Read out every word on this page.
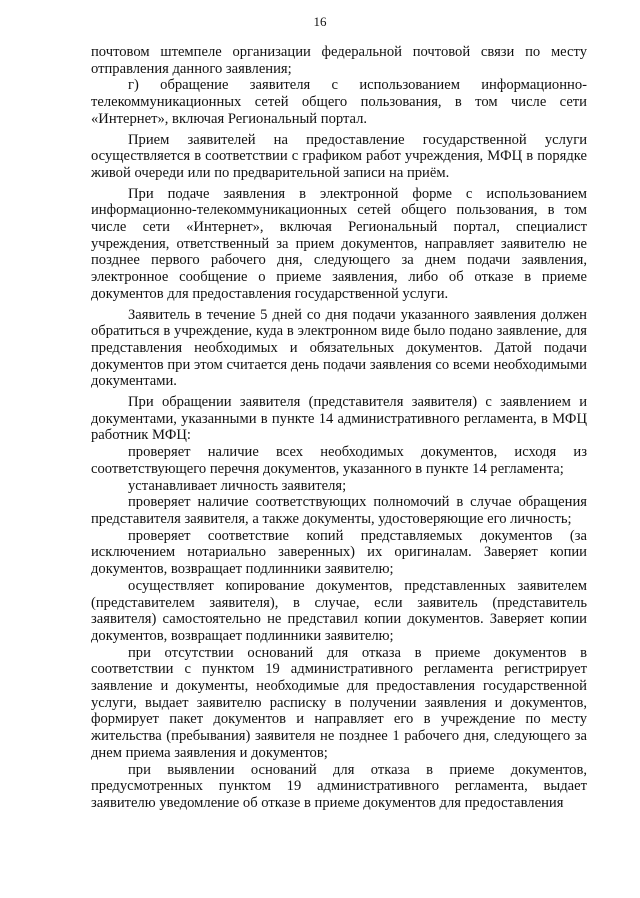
16

почтовом штемпеле организации федеральной почтовой связи по месту отправления данного заявления;

г) обращение заявителя с использованием информационно-телекоммуникационных сетей общего пользования, в том числе сети «Интернет», включая Региональный портал.

Прием заявителей на предоставление государственной услуги осуществляется в соответствии с графиком работ учреждения, МФЦ в порядке живой очереди или по предварительной записи на приём.

При подаче заявления в электронной форме с использованием информационно-телекоммуникационных сетей общего пользования, в том числе сети «Интернет», включая Региональный портал, специалист учреждения, ответственный за прием документов, направляет заявителю не позднее первого рабочего дня, следующего за днем подачи заявления, электронное сообщение о приеме заявления, либо об отказе в приеме документов для предоставления государственной услуги.

Заявитель в течение 5 дней со дня подачи указанного заявления должен обратиться в учреждение, куда в электронном виде было подано заявление, для представления необходимых и обязательных документов. Датой подачи документов при этом считается день подачи заявления со всеми необходимыми документами.

При обращении заявителя (представителя заявителя) с заявлением и документами, указанными в пункте 14 административного регламента, в МФЦ работник МФЦ:

проверяет наличие всех необходимых документов, исходя из соответствующего перечня документов, указанного в пункте 14 регламента;

устанавливает личность заявителя;

проверяет наличие соответствующих полномочий в случае обращения представителя заявителя, а также документы, удостоверяющие его личность;

проверяет соответствие копий представляемых документов (за исключением нотариально заверенных) их оригиналам. Заверяет копии документов, возвращает подлинники заявителю;

осуществляет копирование документов, представленных заявителем (представителем заявителя), в случае, если заявитель (представитель заявителя) самостоятельно не представил копии документов. Заверяет копии документов, возвращает подлинники заявителю;

при отсутствии оснований для отказа в приеме документов в соответствии с пунктом 19 административного регламента регистрирует заявление и документы, необходимые для предоставления государственной услуги, выдает заявителю расписку в получении заявления и документов, формирует пакет документов и направляет его в учреждение по месту жительства (пребывания) заявителя не позднее 1 рабочего дня, следующего за днем приема заявления и документов;

при выявлении оснований для отказа в приеме документов, предусмотренных пунктом 19 административного регламента, выдает заявителю уведомление об отказе в приеме документов для предоставления
